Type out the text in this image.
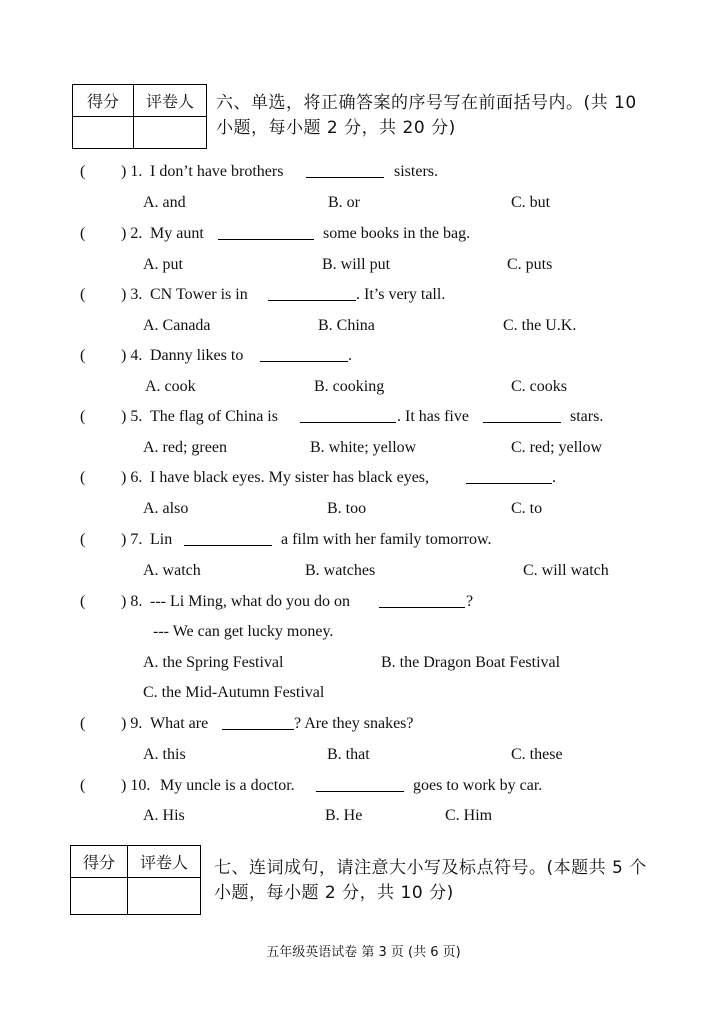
得分	评卷人
	六、单选，将正确答案的序号写在前面括号内。(共 10
小题，每小题 2 分，共 20 分)
( ) 1. I don’t have brothers	sisters.
A. and	B. or	C. but
( ) 2. My aunt	some books in the bag.
A. put	B. will put	C. puts
( ) 3. CN Tower is in	. It’s very tall.
A. Canada	B. China	C. the U.K.
( ) 4. Danny likes to	.
A. cook	B. cooking	C. cooks
( ) 5. The flag of China is	. It has five	stars.
A. red; green	B. white; yellow	C. red; yellow
( ) 6. I have black eyes. My sister has black eyes,	.
A. also	B. too	C. to
( ) 7. Lin	a film with her family tomorrow.
A. watch	B. watches	C. will watch
( ) 8. --- Li Ming, what do you do on	?
--- We can get lucky money.
A. the Spring Festival	B. the Dragon Boat Festival
C. the Mid-Autumn Festival
( ) 9. What are	? Are they snakes?
A. this	B. that	C. these
( ) 10. My uncle is a doctor.	goes to work by car.
A. His	B. He	C. Him
得分	评卷人
	七、连词成句，请注意大小写及标点符号。(本题共 5 个
小题，每小题 2 分，共 10 分)
五年级英语试卷 第 3 页 (共 6 页)
